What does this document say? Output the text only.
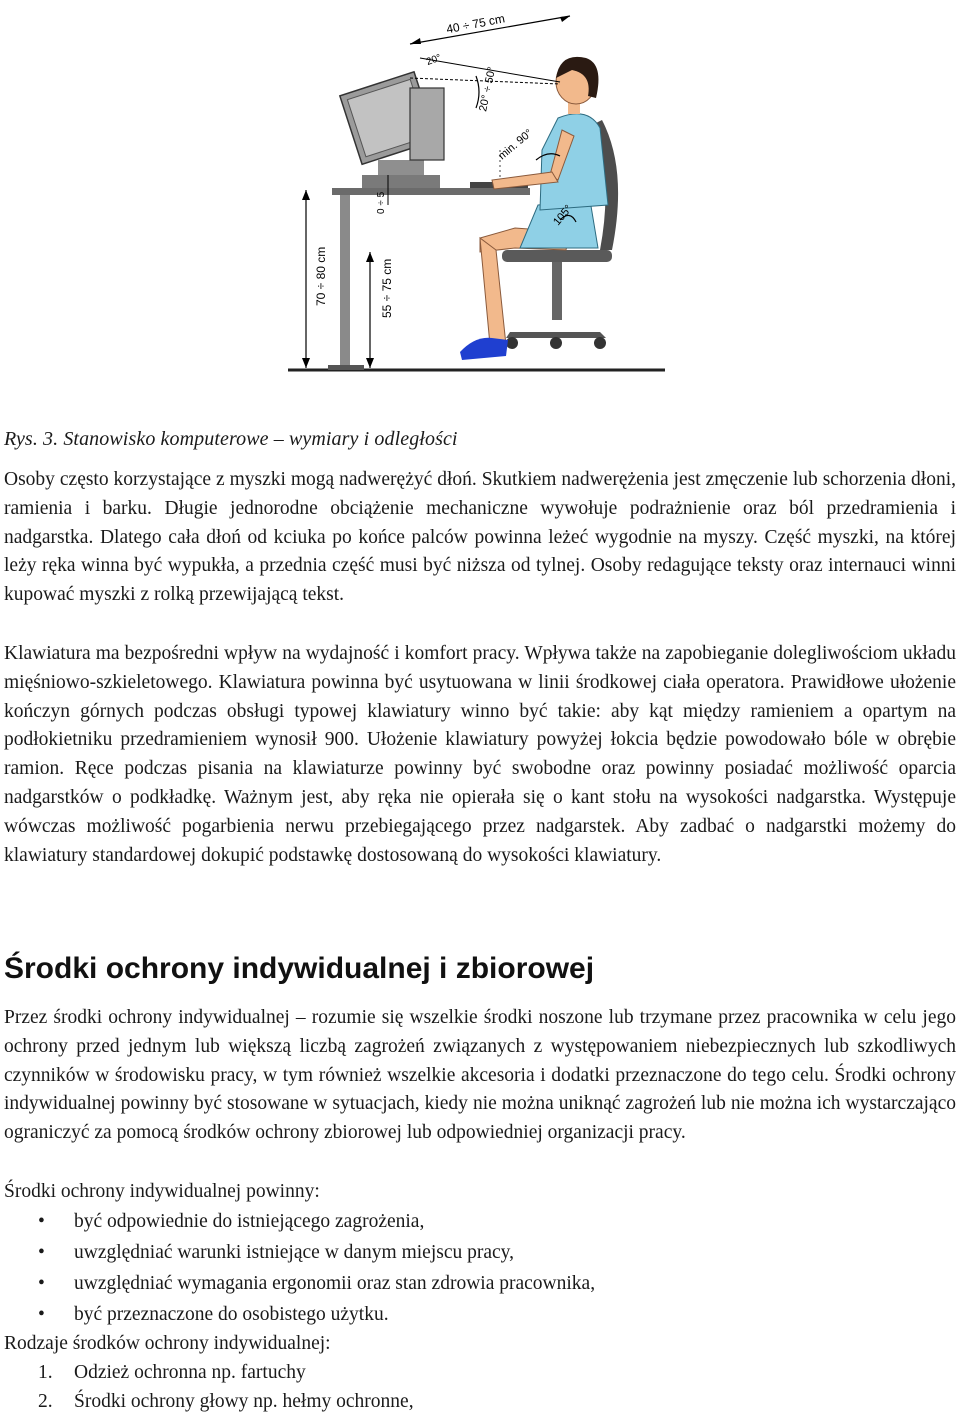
40 ÷ 75 cm
20°
20° ÷ 50°
min. 90°
105°
0 ÷ 5
70 ÷ 80 cm	55 ÷ 75 cm
Rys. 3. Stanowisko komputerowe – wymiary i odległości

Osoby często korzystające z myszki mogą nadwerężyć dłoń. Skutkiem nadwerężenia jest zmęczenie lub schorzenia dłoni, ramienia i barku. Długie jednorodne obciążenie mechaniczne wywołuje podrażnienie oraz ból przedramienia i nadgarstka. Dlatego cała dłoń od kciuka po końce palców powinna leżeć wygodnie na myszy. Część myszki, na której leży ręka winna być wypukła, a przednia część musi być niższa od tylnej. Osoby redagujące teksty oraz internauci winni kupować myszki z rolką przewijającą tekst.

Klawiatura ma bezpośredni wpływ na wydajność i komfort pracy. Wpływa także na zapobieganie dolegliwościom układu mięśniowo-szkieletowego. Klawiatura powinna być usytuowana w linii środkowej ciała operatora. Prawidłowe ułożenie kończyn górnych podczas obsługi typowej klawiatury winno być takie: aby kąt między ramieniem a opartym na podłokietniku przedramieniem wynosił 900. Ułożenie klawiatury powyżej łokcia będzie powodowało bóle w obrębie ramion. Ręce podczas pisania na klawiaturze powinny być swobodne oraz powinny posiadać możliwość oparcia nadgarstków o podkładkę. Ważnym jest, aby ręka nie opierała się o kant stołu na wysokości nadgarstka. Występuje wówczas możliwość pogarbienia nerwu przebiegającego przez nadgarstek. Aby zadbać o nadgarstki możemy do klawiatury standardowej dokupić podstawkę dostosowaną do wysokości klawiatury.

Środki ochrony indywidualnej i zbiorowej

Przez środki ochrony indywidualnej – rozumie się wszelkie środki noszone lub trzymane przez pracownika w celu jego ochrony przed jednym lub większą liczbą zagrożeń związanych z występowaniem niebezpiecznych lub szkodliwych czynników w środowisku pracy, w tym również wszelkie akcesoria i dodatki przeznaczone do tego celu. Środki ochrony indywidualnej powinny być stosowane w sytuacjach, kiedy nie można uniknąć zagrożeń lub nie można ich wystarczająco ograniczyć za pomocą środków ochrony zbiorowej lub odpowiedniej organizacji pracy.

Środki ochrony indywidualnej powinny:

• być odpowiednie do istniejącego zagrożenia,
• uwzględniać warunki istniejące w danym miejscu pracy,
• uwzględniać wymagania ergonomii oraz stan zdrowia pracownika,
• być przeznaczone do osobistego użytku.

Rodzaje środków ochrony indywidualnej:

1. Odzież ochronna np. fartuchy
2. Środki ochrony głowy np. hełmy ochronne,
